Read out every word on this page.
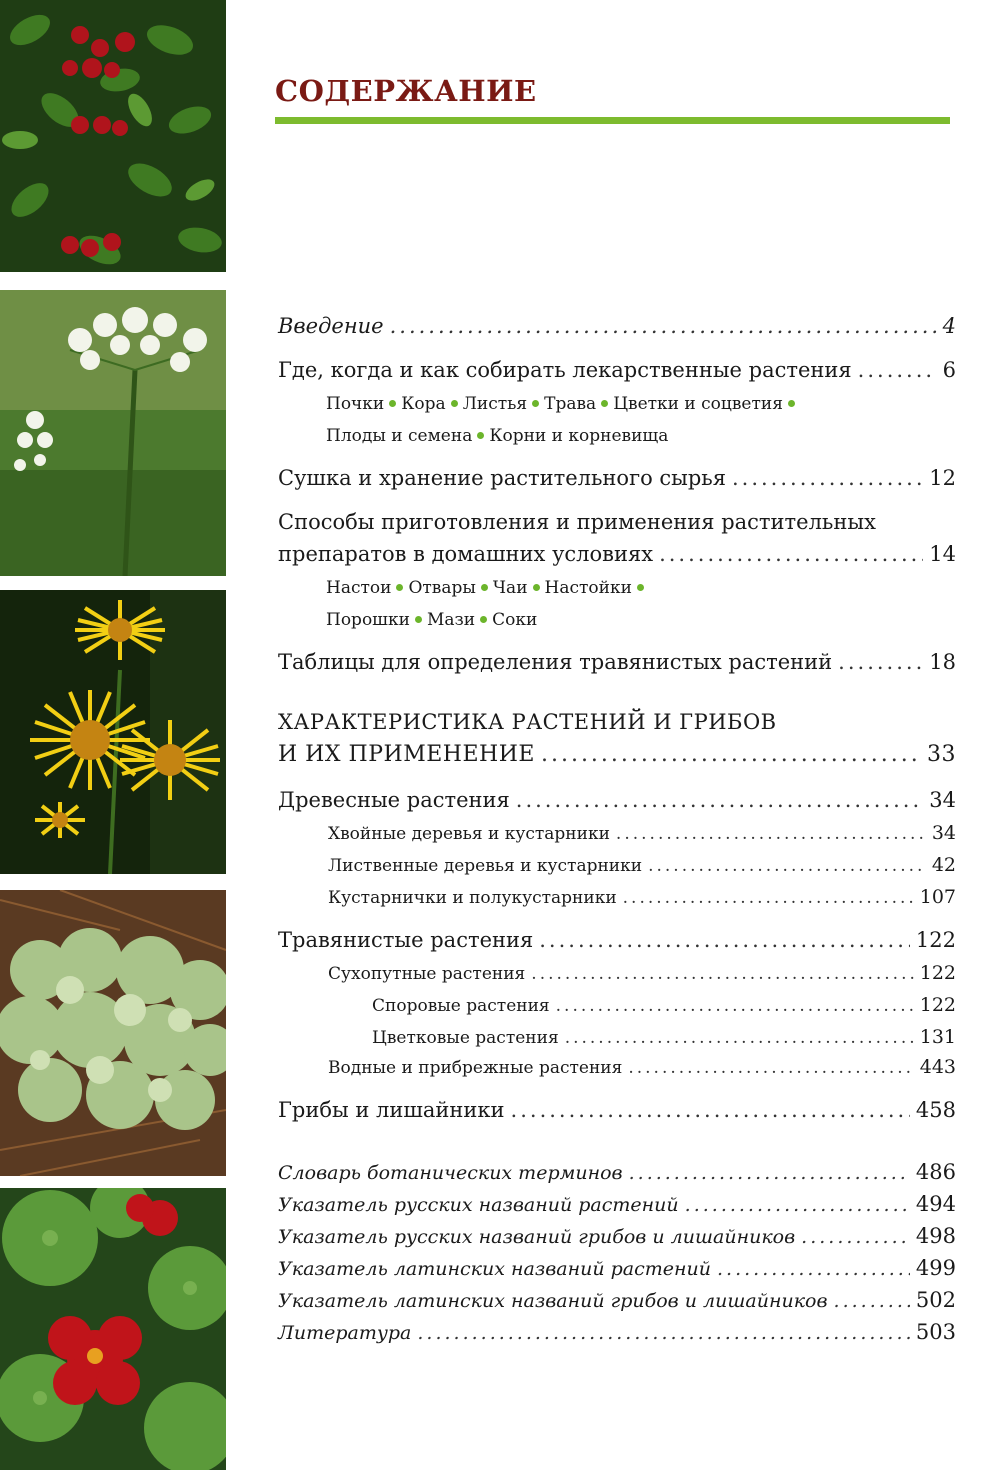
СОДЕРЖАНИЕ
Введение .....	4
Где, когда и как собирать лекарственные растения .....	6
Почки Кора Листья Трава Цветки и соцветия
Плоды и семена Корни и корневища
Сушка и хранение растительного сырья .....	12
Способы приготовления и применения растительных
препаратов в домашних условиях .....	14
Настои Отвары Чаи Настойки
Порошки Мази Соки
Таблицы для определения травянистых растений .....	18
ХАРАКТЕРИСТИКА РАСТЕНИЙ И ГРИБОВ
И ИХ ПРИМЕНЕНИЕ .....	33
Древесные растения .....	34
Хвойные деревья и кустарники .....	34
Лиственные деревья и кустарники .....	42
Кустарнички и полукустарники .....	107
Травянистые растения .....	122
Сухопутные растения .....	122
Споровые растения .....	122
Цветковые растения .....	131
Водные и прибрежные растения .....	443
Грибы и лишайники .....	458
Словарь ботанических терминов .....	486
Указатель русских названий растений .....	494
Указатель русских названий грибов и лишайников .....	498
Указатель латинских названий растений .....	499
Указатель латинских названий грибов и лишайников .....	502
Литература .....	503
